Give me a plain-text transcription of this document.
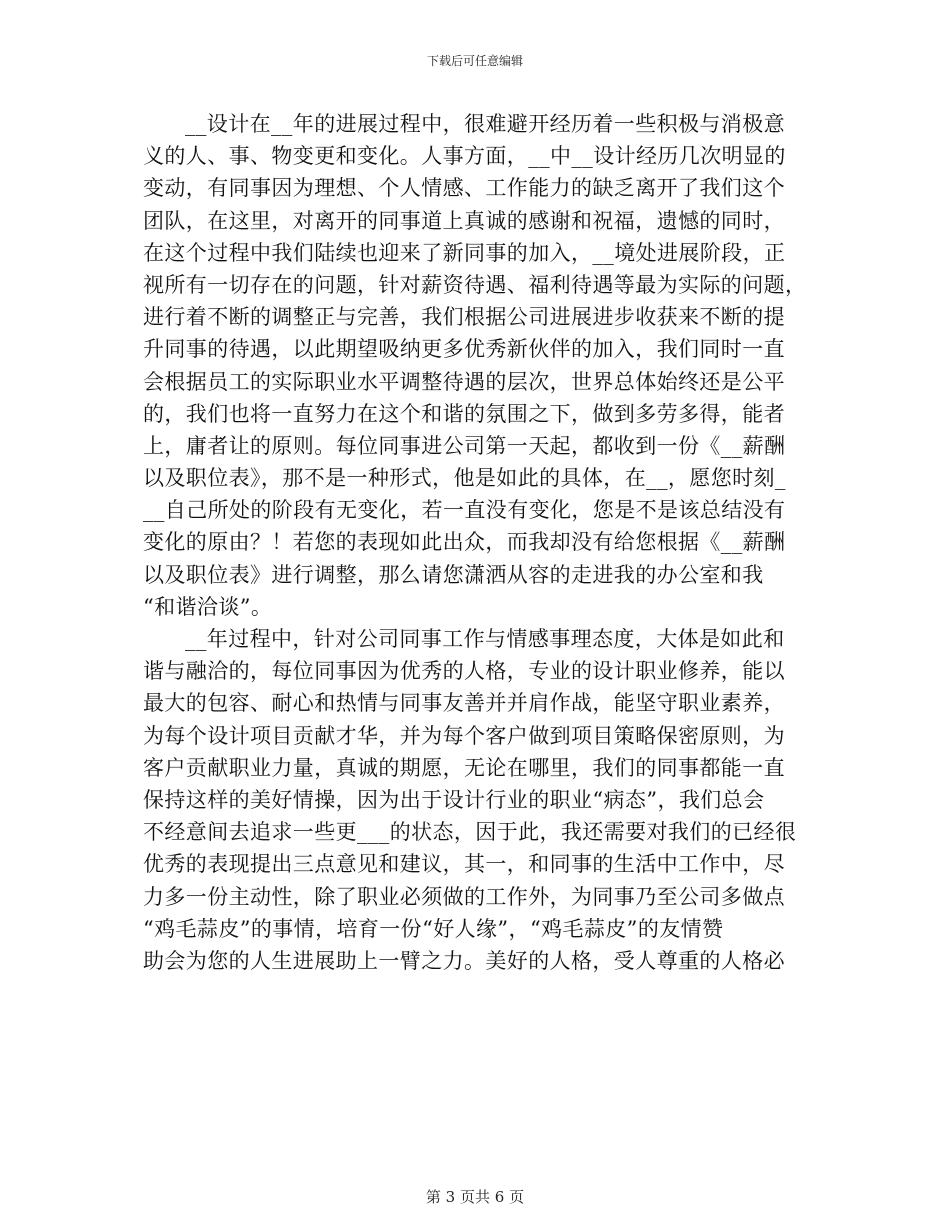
下载后可任意编辑
__设计在__年的进展过程中，很难避开经历着一些积极与消极意
义的人、事、物变更和变化。人事方面，__中__设计经历几次明显的
变动，有同事因为理想、个人情感、工作能力的缺乏离开了我们这个
团队，在这里，对离开的同事道上真诚的感谢和祝福，遗憾的同时，
在这个过程中我们陆续也迎来了新同事的加入，__境处进展阶段，正
视所有一切存在的问题，针对薪资待遇、福利待遇等最为实际的问题，
进行着不断的调整正与完善，我们根据公司进展进步收获来不断的提
升同事的待遇，以此期望吸纳更多优秀新伙伴的加入，我们同时一直
会根据员工的实际职业水平调整待遇的层次，世界总体始终还是公平
的，我们也将一直努力在这个和谐的氛围之下，做到多劳多得，能者
上，庸者让的原则。每位同事进公司第一天起，都收到一份《__薪酬
以及职位表》，那不是一种形式，他是如此的具体，在__，愿您时刻_
__自己所处的阶段有无变化，若一直没有变化，您是不是该总结没有
变化的原由？！若您的表现如此出众，而我却没有给您根据《__薪酬
以及职位表》进行调整，那么请您潇洒从容的走进我的办公室和我
“和谐洽谈”。
__年过程中，针对公司同事工作与情感事理态度，大体是如此和
谐与融洽的，每位同事因为优秀的人格，专业的设计职业修养，能以
最大的包容、耐心和热情与同事友善并并肩作战，能坚守职业素养，
为每个设计项目贡献才华，并为每个客户做到项目策略保密原则，为
客户贡献职业力量，真诚的期愿，无论在哪里，我们的同事都能一直
保持这样的美好情操，因为出于设计行业的职业“病态”，我们总会
不经意间去追求一些更___的状态，因于此，我还需要对我们的已经很
优秀的表现提出三点意见和建议，其一，和同事的生活中工作中，尽
力多一份主动性，除了职业必须做的工作外，为同事乃至公司多做点
“鸡毛蒜皮”的事情，培育一份“好人缘”，“鸡毛蒜皮”的友情赞
助会为您的人生进展助上一臂之力。美好的人格，受人尊重的人格必
第 3 页共 6 页
